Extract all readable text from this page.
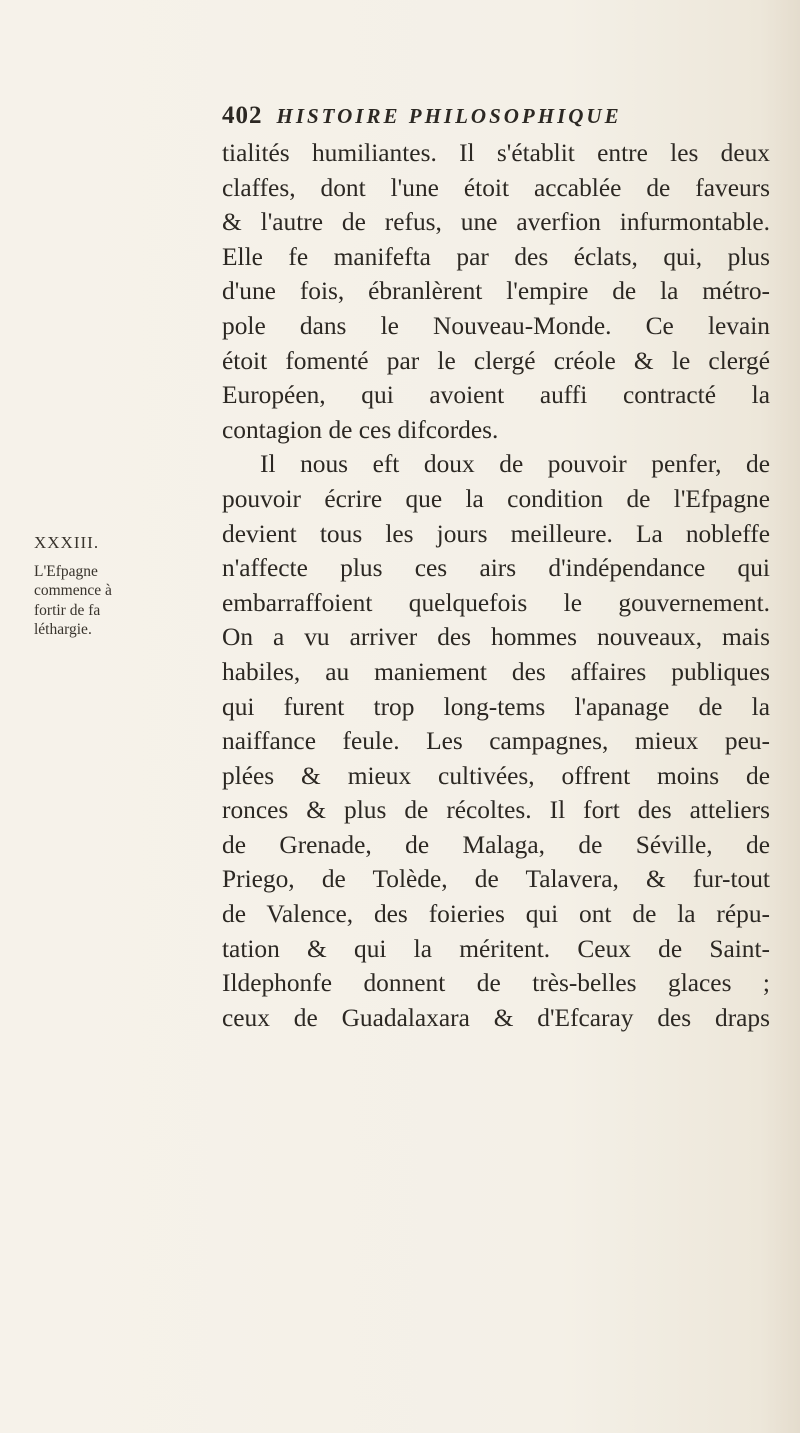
402 HISTOIRE PHILOSOPHIQUE
XXXIII.
L'Efpagne
commence à
fortir de fa
léthargie.
tialités humiliantes. Il s'établit entre les deux
claffes, dont l'une étoit accablée de faveurs
& l'autre de refus, une averfion infurmontable.
Elle fe manifefta par des éclats, qui, plus
d'une fois, ébranlèrent l'empire de la métro-
pole dans le Nouveau-Monde. Ce levain
étoit fomenté par le clergé créole & le clergé
Européen, qui avoient auffi contracté la
contagion de ces difcordes.
Il nous eft doux de pouvoir penfer, de
pouvoir écrire que la condition de l'Efpagne
devient tous les jours meilleure. La nobleffe
n'affecte plus ces airs d'indépendance qui
embarraffoient quelquefois le gouvernement.
On a vu arriver des hommes nouveaux, mais
habiles, au maniement des affaires publiques
qui furent trop long-tems l'apanage de la
naiffance feule. Les campagnes, mieux peu-
plées & mieux cultivées, offrent moins de
ronces & plus de récoltes. Il fort des atteliers
de Grenade, de Malaga, de Séville, de
Priego, de Tolède, de Talavera, & fur-tout
de Valence, des foieries qui ont de la répu-
tation & qui la méritent. Ceux de Saint-
Ildephonfe donnent de très-belles glaces ;
ceux de Guadalaxara & d'Efcaray des draps
